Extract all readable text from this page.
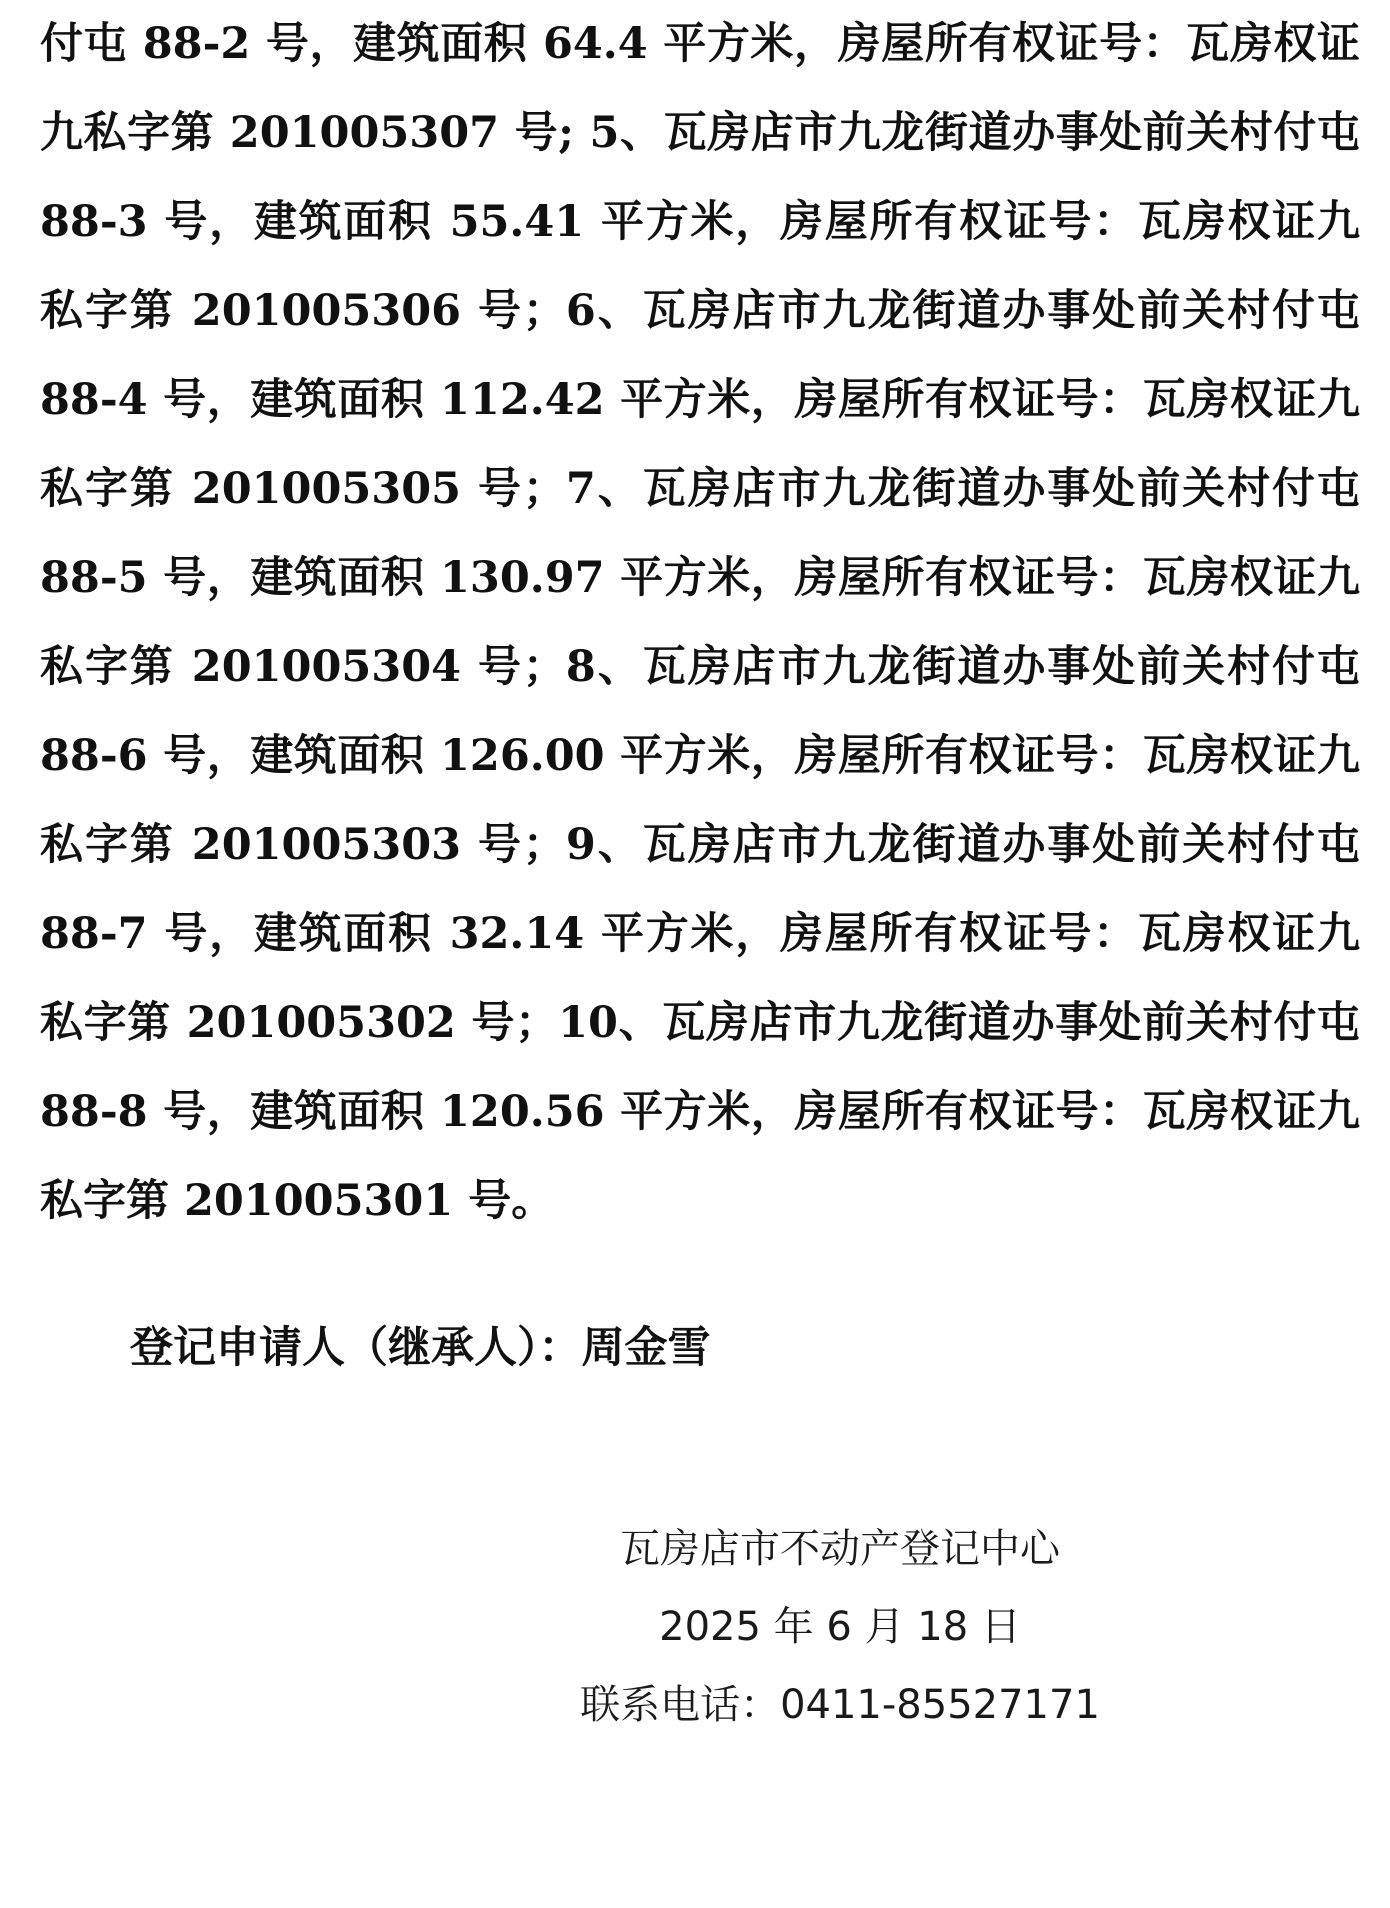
付屯 88-2 号，建筑面积 64.4 平方米，房屋所有权证号：瓦房权证
九私字第 201005307 号; 5、瓦房店市九龙街道办事处前关村付屯
88-3 号，建筑面积 55.41 平方米，房屋所有权证号：瓦房权证九
私字第 201005306 号；6、瓦房店市九龙街道办事处前关村付屯
88-4 号，建筑面积 112.42 平方米，房屋所有权证号：瓦房权证九
私字第 201005305 号；7、瓦房店市九龙街道办事处前关村付屯
88-5 号，建筑面积 130.97 平方米，房屋所有权证号：瓦房权证九
私字第 201005304 号；8、瓦房店市九龙街道办事处前关村付屯
88-6 号，建筑面积 126.00 平方米，房屋所有权证号：瓦房权证九
私字第 201005303 号；9、瓦房店市九龙街道办事处前关村付屯
88-7 号，建筑面积 32.14 平方米，房屋所有权证号：瓦房权证九
私字第 201005302 号；10、瓦房店市九龙街道办事处前关村付屯
88-8 号，建筑面积 120.56 平方米，房屋所有权证号：瓦房权证九
私字第 201005301 号。
登记申请人（继承人）：周金雪
瓦房店市不动产登记中心
2025 年 6 月 18 日
联系电话：0411-85527171
